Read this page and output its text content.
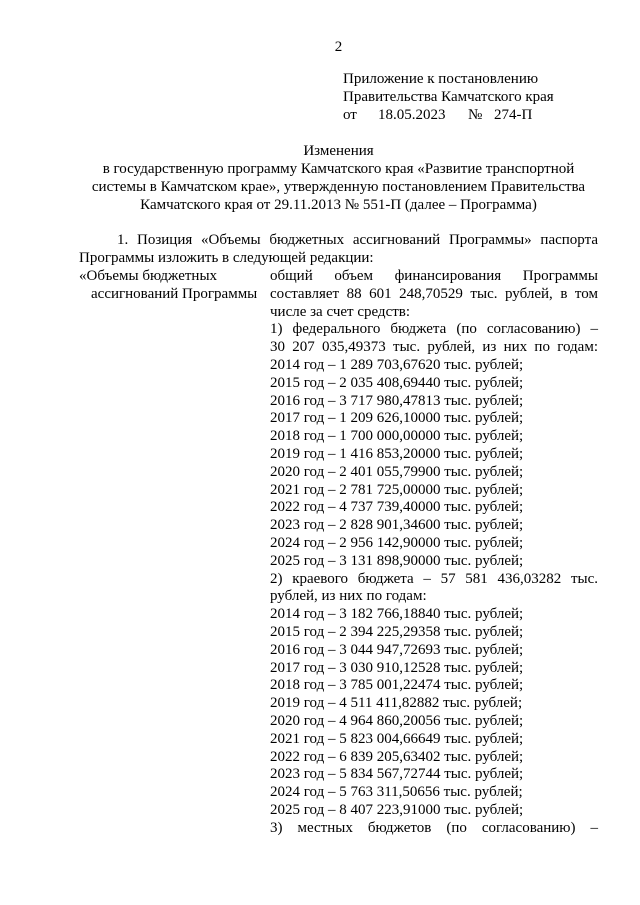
2
Приложение к постановлению
Правительства Камчатского края
от 18.05.2023 № 274-П
Изменения
в государственную программу Камчатского края «Развитие транспортной
системы в Камчатском крае», утвержденную постановлением Правительства
Камчатского края от 29.11.2013 № 551-П (далее – Программа)
1. Позиция «Объемы бюджетных ассигнований Программы» паспорта
Программы изложить в следующей редакции:
«Объемы бюджетных
ассигнований Программы
общий объем финансирования Программы
составляет 88 601 248,70529 тыс. рублей, в том
числе за счет средств:
1) федерального бюджета (по согласованию) –
30 207 035,49373 тыс. рублей, из них по годам:
2014 год – 1 289 703,67620 тыс. рублей;
2015 год – 2 035 408,69440 тыс. рублей;
2016 год – 3 717 980,47813 тыс. рублей;
2017 год – 1 209 626,10000 тыс. рублей;
2018 год – 1 700 000,00000 тыс. рублей;
2019 год – 1 416 853,20000 тыс. рублей;
2020 год – 2 401 055,79900 тыс. рублей;
2021 год – 2 781 725,00000 тыс. рублей;
2022 год – 4 737 739,40000 тыс. рублей;
2023 год – 2 828 901,34600 тыс. рублей;
2024 год – 2 956 142,90000 тыс. рублей;
2025 год – 3 131 898,90000 тыс. рублей;
2) краевого бюджета – 57 581 436,03282 тыс.
рублей, из них по годам:
2014 год – 3 182 766,18840 тыс. рублей;
2015 год – 2 394 225,29358 тыс. рублей;
2016 год – 3 044 947,72693 тыс. рублей;
2017 год – 3 030 910,12528 тыс. рублей;
2018 год – 3 785 001,22474 тыс. рублей;
2019 год – 4 511 411,82882 тыс. рублей;
2020 год – 4 964 860,20056 тыс. рублей;
2021 год – 5 823 004,66649 тыс. рублей;
2022 год – 6 839 205,63402 тыс. рублей;
2023 год – 5 834 567,72744 тыс. рублей;
2024 год – 5 763 311,50656 тыс. рублей;
2025 год – 8 407 223,91000 тыс. рублей;
3) местных бюджетов (по согласованию) –
